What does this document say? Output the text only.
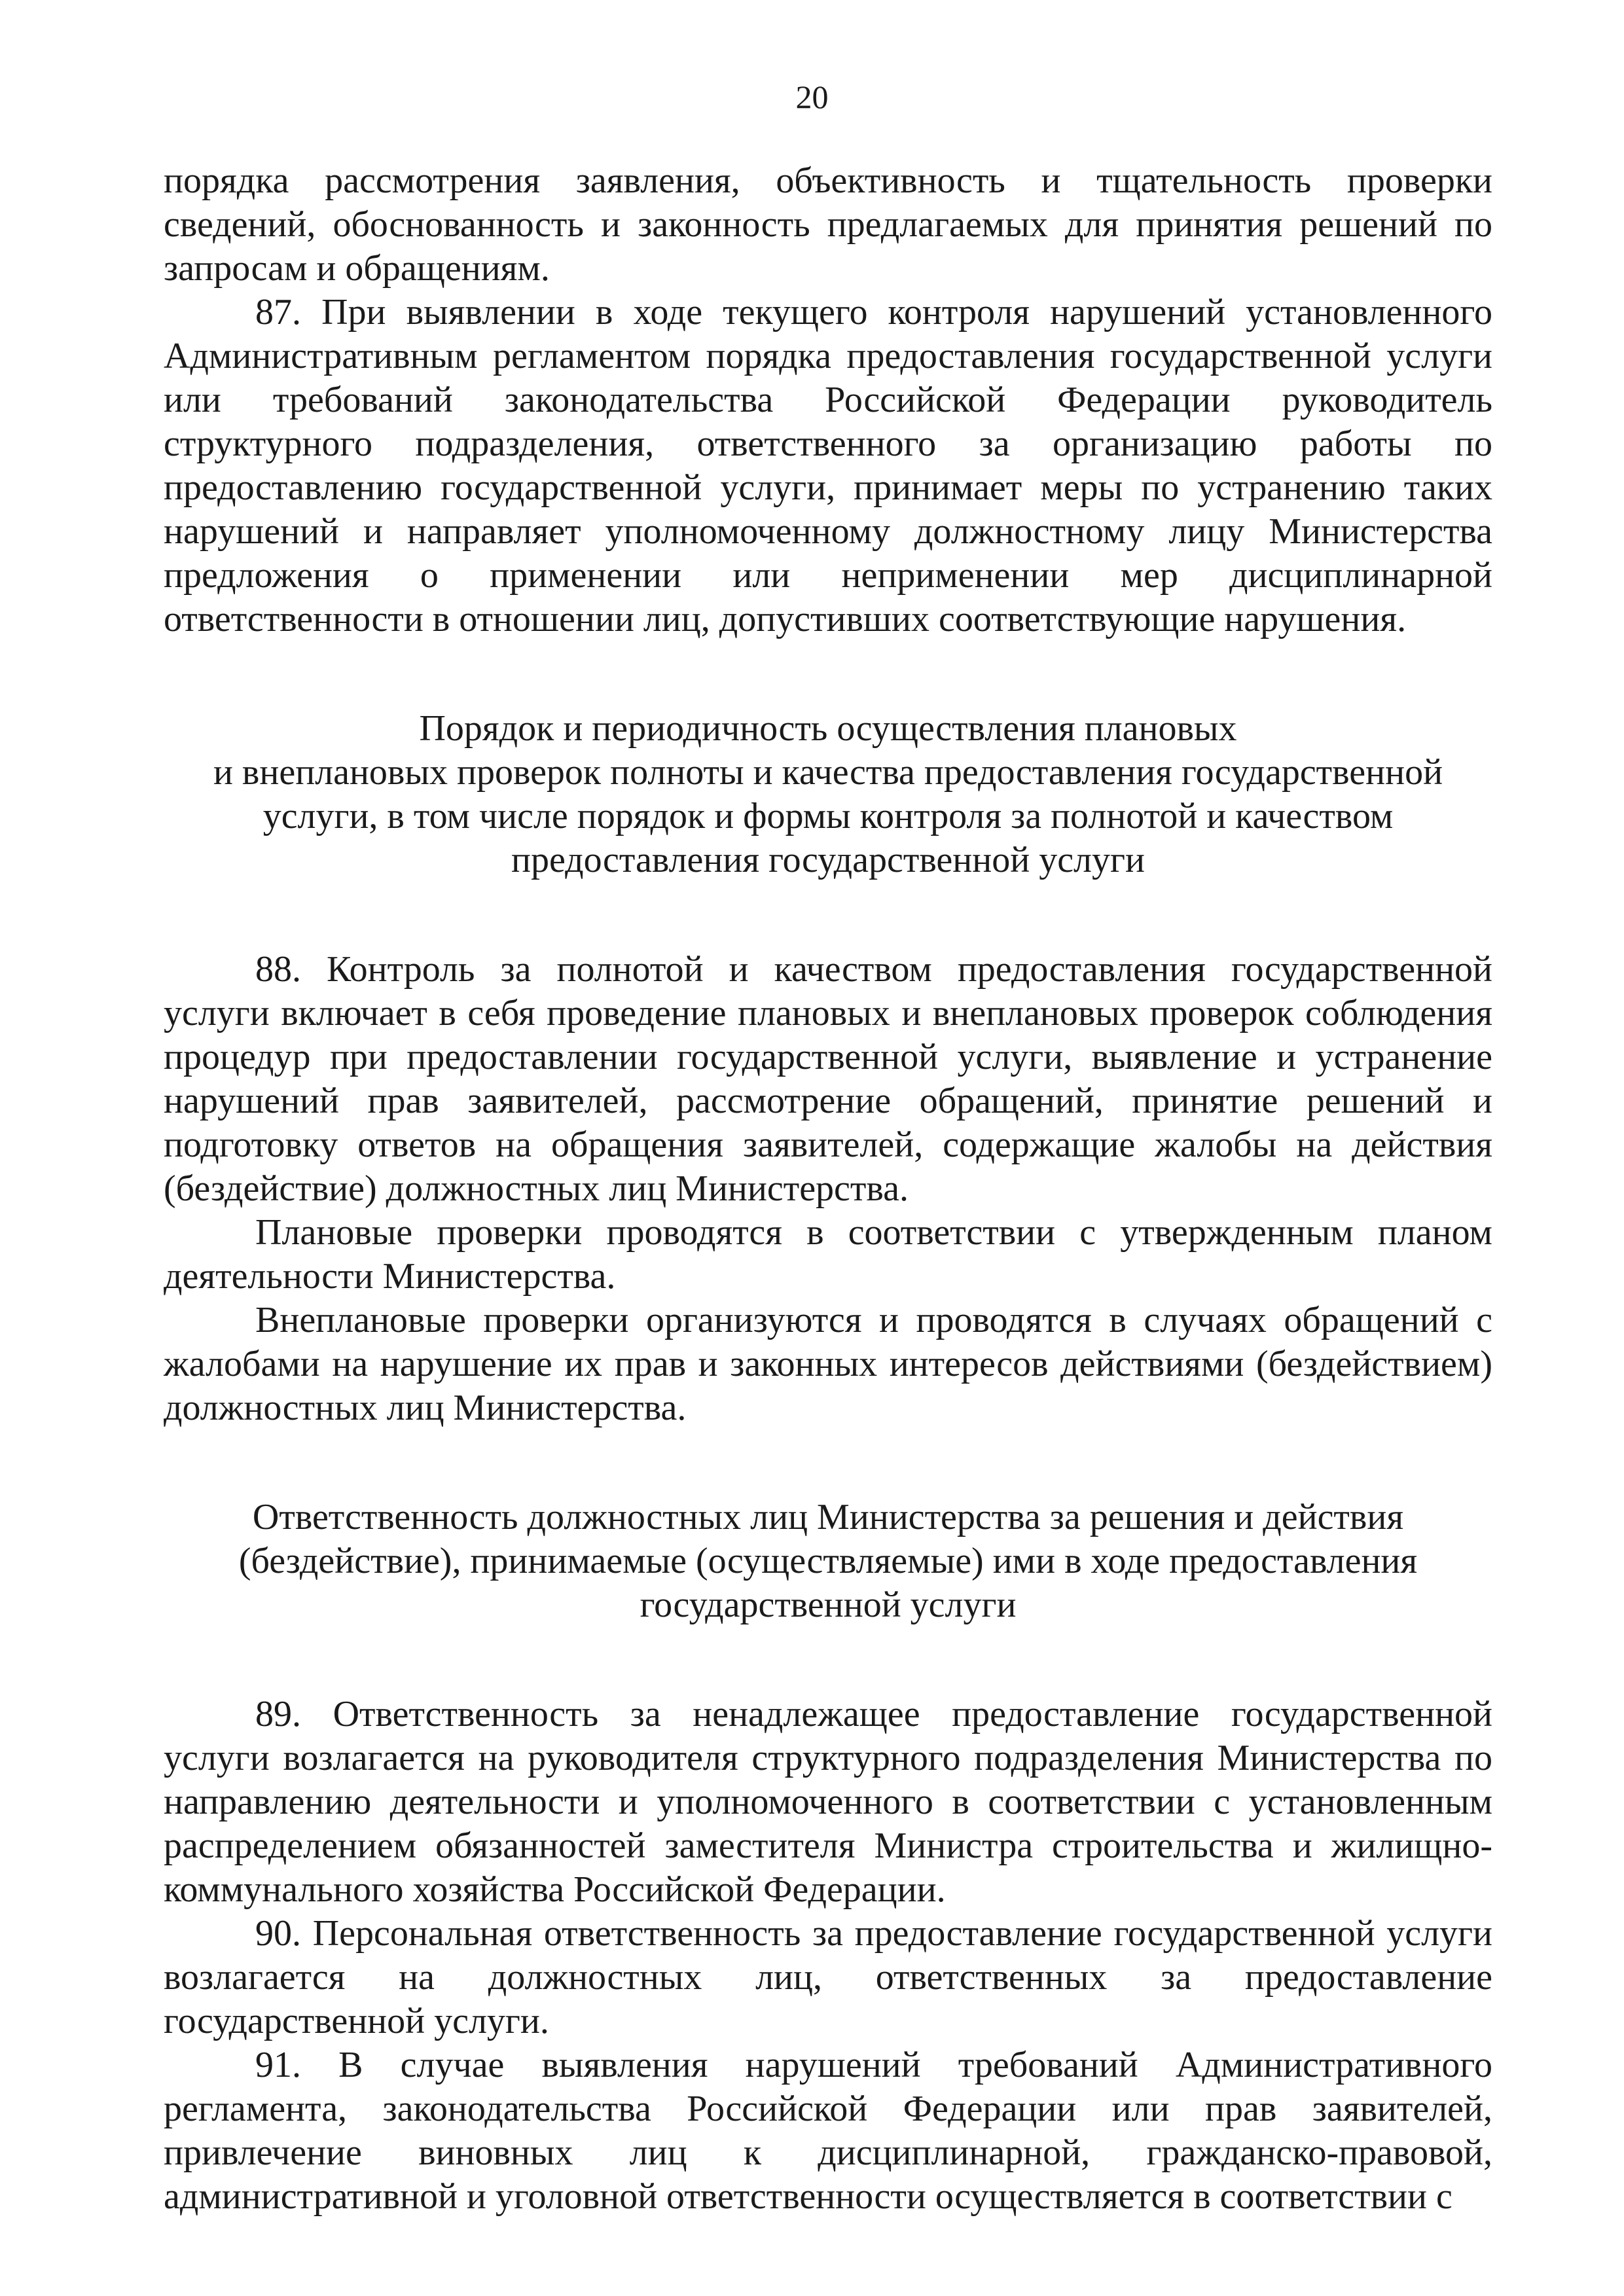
20

порядка рассмотрения заявления, объективность и тщательность проверки сведений, обоснованность и законность предлагаемых для принятия решений по запросам и обращениям.

87. При выявлении в ходе текущего контроля нарушений установленного Административным регламентом порядка предоставления государственной услуги или требований законодательства Российской Федерации руководитель структурного подразделения, ответственного за организацию работы по предоставлению государственной услуги, принимает меры по устранению таких нарушений и направляет уполномоченному должностному лицу Министерства предложения о применении или неприменении мер дисциплинарной ответственности в отношении лиц, допустивших соответствующие нарушения.

Порядок и периодичность осуществления плановых
и внеплановых проверок полноты и качества предоставления государственной
услуги, в том числе порядок и формы контроля за полнотой и качеством
предоставления государственной услуги

88. Контроль за полнотой и качеством предоставления государственной услуги включает в себя проведение плановых и внеплановых проверок соблюдения процедур при предоставлении государственной услуги, выявление и устранение нарушений прав заявителей, рассмотрение обращений, принятие решений и подготовку ответов на обращения заявителей, содержащие жалобы на действия (бездействие) должностных лиц Министерства.

Плановые проверки проводятся в соответствии с утвержденным планом деятельности Министерства.

Внеплановые проверки организуются и проводятся в случаях обращений с жалобами на нарушение их прав и законных интересов действиями (бездействием) должностных лиц Министерства.

Ответственность должностных лиц Министерства за решения и действия
(бездействие), принимаемые (осуществляемые) ими в ходе предоставления
государственной услуги

89. Ответственность за ненадлежащее предоставление государственной услуги возлагается на руководителя структурного подразделения Министерства по направлению деятельности и уполномоченного в соответствии с установленным распределением обязанностей заместителя Министра строительства и жилищно-коммунального хозяйства Российской Федерации.

90. Персональная ответственность за предоставление государственной услуги возлагается на должностных лиц, ответственных за предоставление государственной услуги.

91. В случае выявления нарушений требований Административного регламента, законодательства Российской Федерации или прав заявителей, привлечение виновных лиц к дисциплинарной, гражданско-правовой, административной и уголовной ответственности осуществляется в соответствии с
